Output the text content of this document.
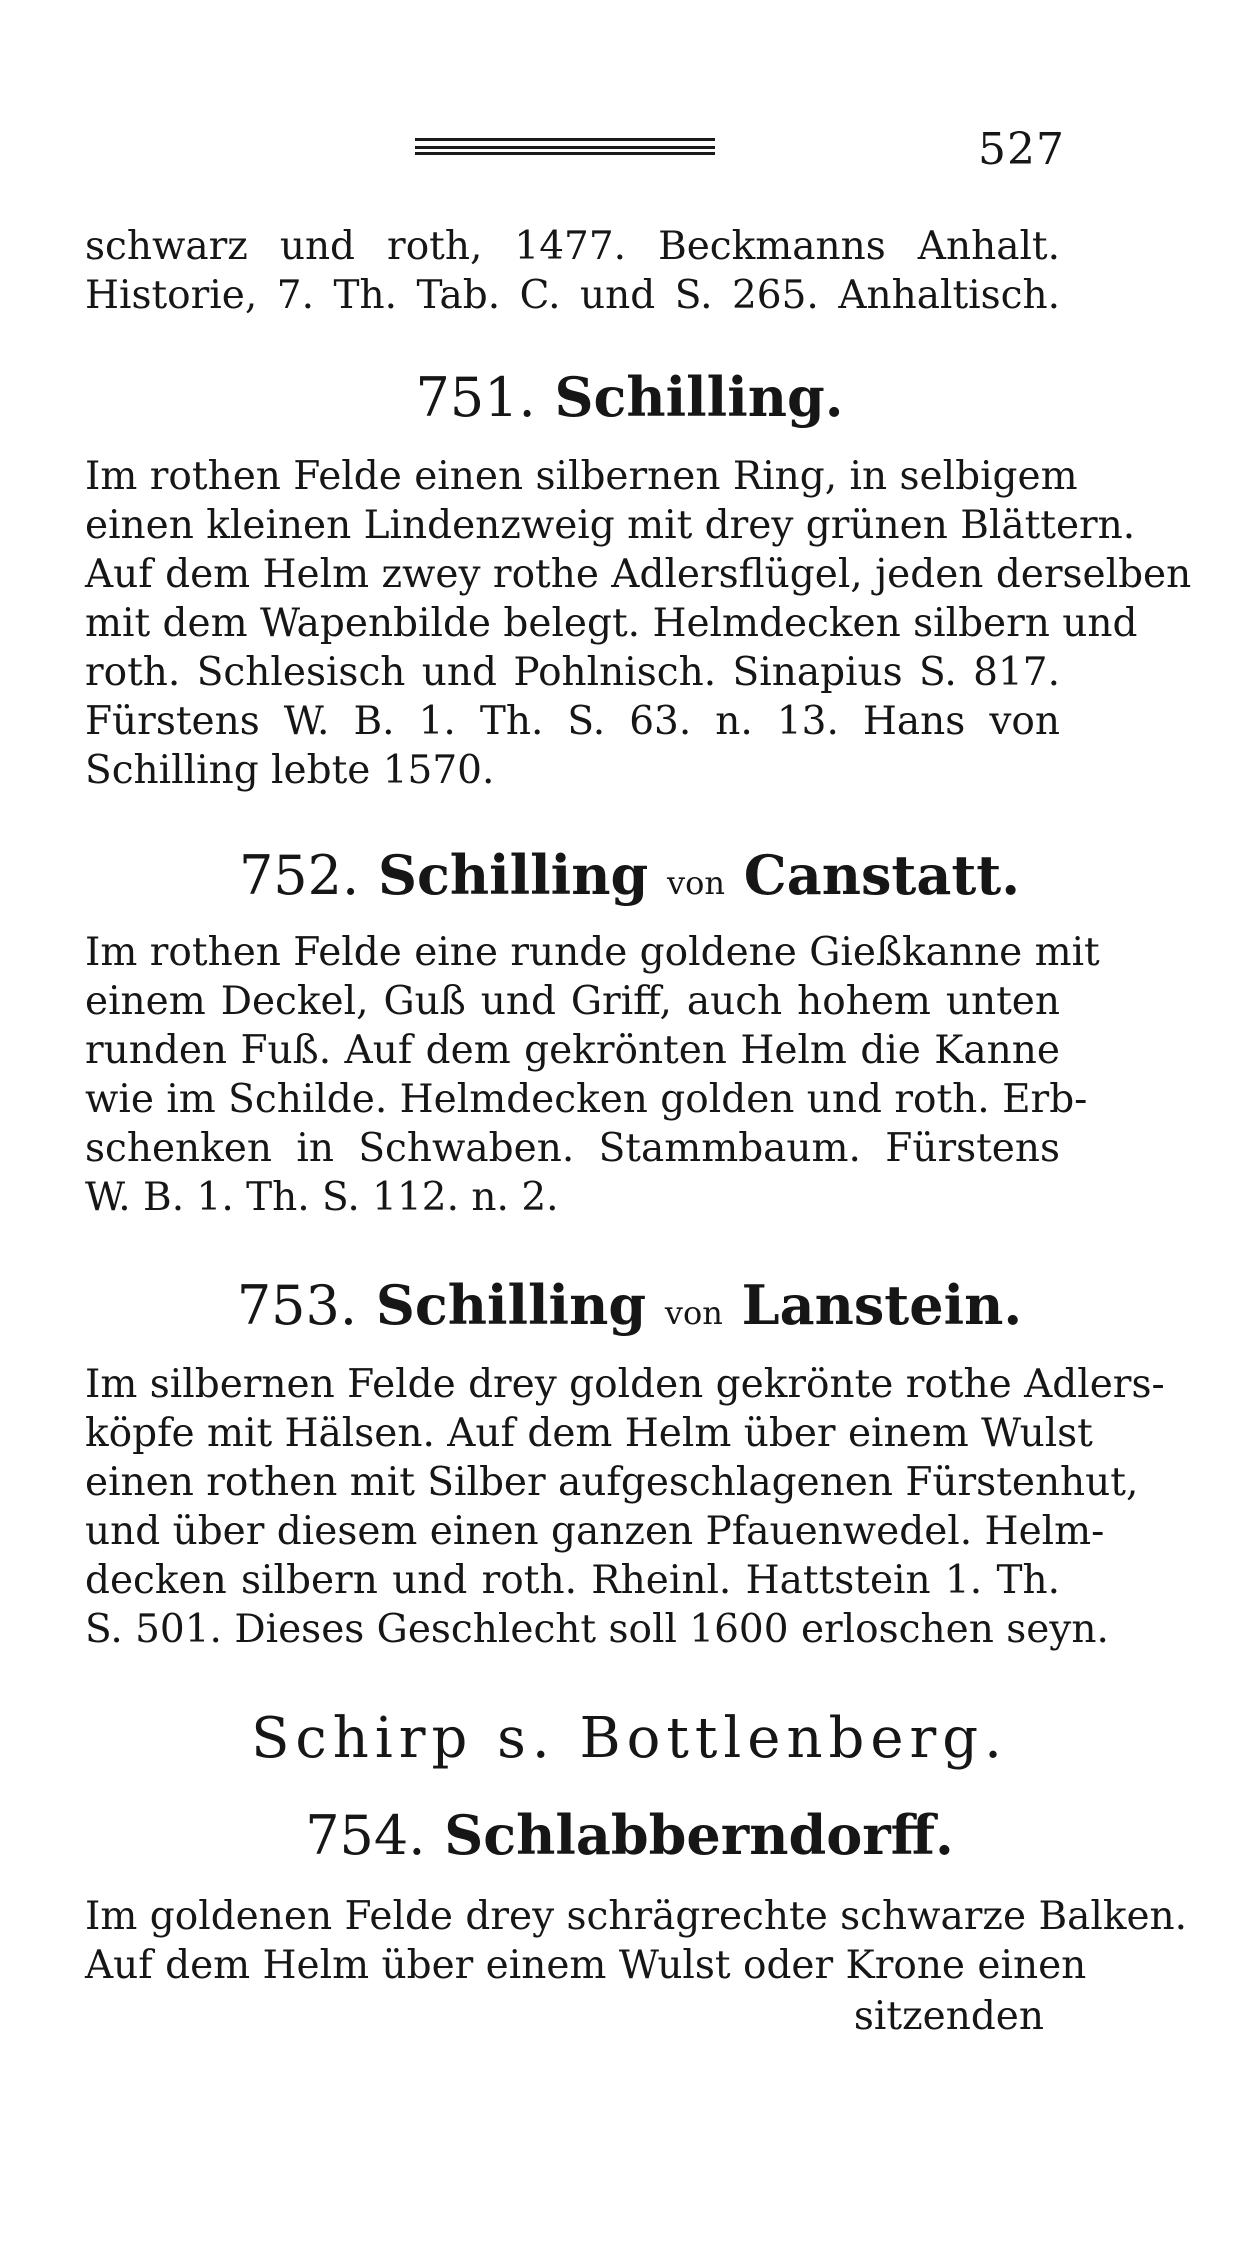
527
schwarz und roth, 1477. Beckmanns Anhalt.
Historie, 7. Th. Tab. C. und S. 265. Anhaltisch.
751. Schilling.
Im rothen Felde einen silbernen Ring, in selbigem
einen kleinen Lindenzweig mit drey grünen Blättern.
Auf dem Helm zwey rothe Adlersflügel, jeden derselben
mit dem Wapenbilde belegt. Helmdecken silbern und
roth. Schlesisch und Pohlnisch. Sinapius S. 817.
Fürstens W. B. 1. Th. S. 63. n. 13. Hans von
Schilling lebte 1570.
752. Schilling von Canstatt.
Im rothen Felde eine runde goldene Gießkanne mit
einem Deckel, Guß und Griff, auch hohem unten
runden Fuß. Auf dem gekrönten Helm die Kanne
wie im Schilde. Helmdecken golden und roth. Erb-
schenken in Schwaben. Stammbaum. Fürstens
W. B. 1. Th. S. 112. n. 2.
753. Schilling von Lanstein.
Im silbernen Felde drey golden gekrönte rothe Adlers-
köpfe mit Hälsen. Auf dem Helm über einem Wulst
einen rothen mit Silber aufgeschlagenen Fürstenhut,
und über diesem einen ganzen Pfauenwedel. Helm-
decken silbern und roth. Rheinl. Hattstein 1. Th.
S. 501. Dieses Geschlecht soll 1600 erloschen seyn.
Schirp s. Bottlenberg.
754. Schlabberndorff.
Im goldenen Felde drey schrägrechte schwarze Balken.
Auf dem Helm über einem Wulst oder Krone einen
sitzenden
